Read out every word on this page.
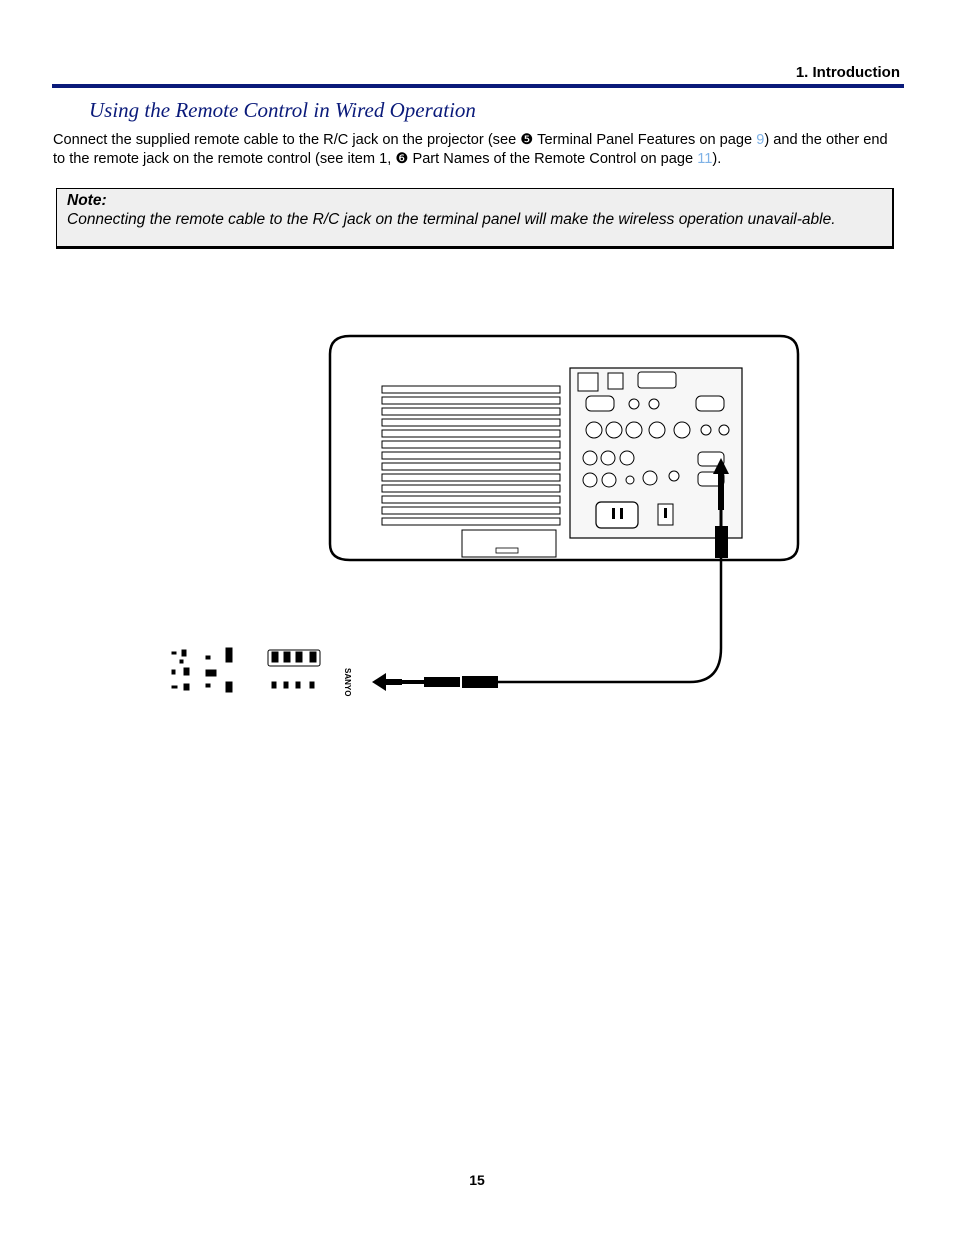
1. Introduction
Using the Remote Control in Wired Operation

Connect the supplied remote cable to the R/C jack on the projector (see ❺ Terminal Panel Features on page 9) and the other end to the remote jack on the remote control (see item 1, ❻ Part Names of the Remote Control on page 11).

Note:
Connecting the remote cable to the R/C jack on the terminal panel will make the wireless operation unavail-able.
SANYO
15
